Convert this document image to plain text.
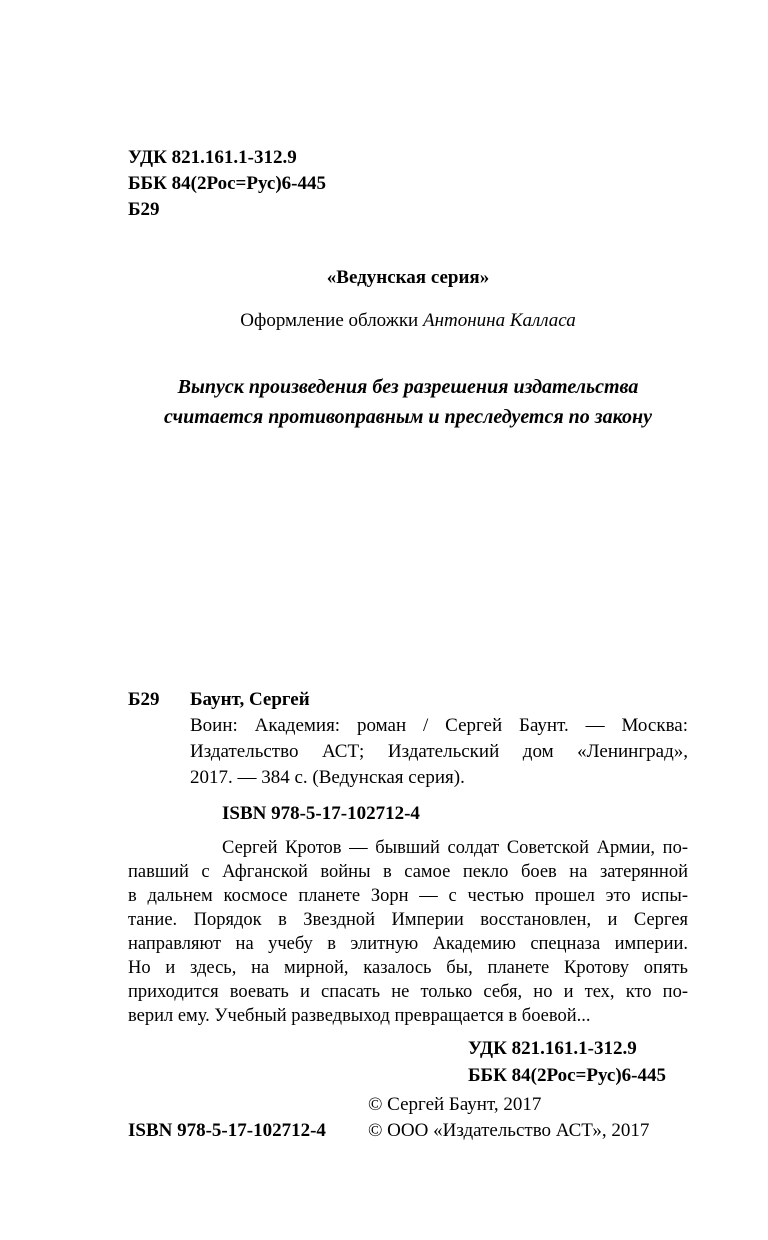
УДК 821.161.1-312.9
ББК 84(2Рос=Рус)6-445
Б29
«Ведунская серия»
Оформление обложки Антонина Калласа
Выпуск произведения без разрешения издательства
считается противоправным и преследуется по закону
Б29 Баунт, Сергей
Воин: Академия: роман / Сергей Баунт. — Москва:
Издательство АСТ; Издательский дом «Ленинград»,
2017. — 384 с. (Ведунская серия).
ISBN 978-5-17-102712-4
Сергей Кротов — бывший солдат Советской Армии, по-
павший с Афганской войны в самое пекло боев на затерянной
в дальнем космосе планете Зорн — с честью прошел это испы-
тание. Порядок в Звездной Империи восстановлен, и Сергея
направляют на учебу в элитную Академию спецназа империи.
Но и здесь, на мирной, казалось бы, планете Кротову опять
приходится воевать и спасать не только себя, но и тех, кто по-
верил ему. Учебный разведвыход превращается в боевой...
УДК 821.161.1-312.9
ББК 84(2Рос=Рус)6-445
© Сергей Баунт, 2017
ISBN 978-5-17-102712-4 © ООО «Издательство АСТ», 2017
